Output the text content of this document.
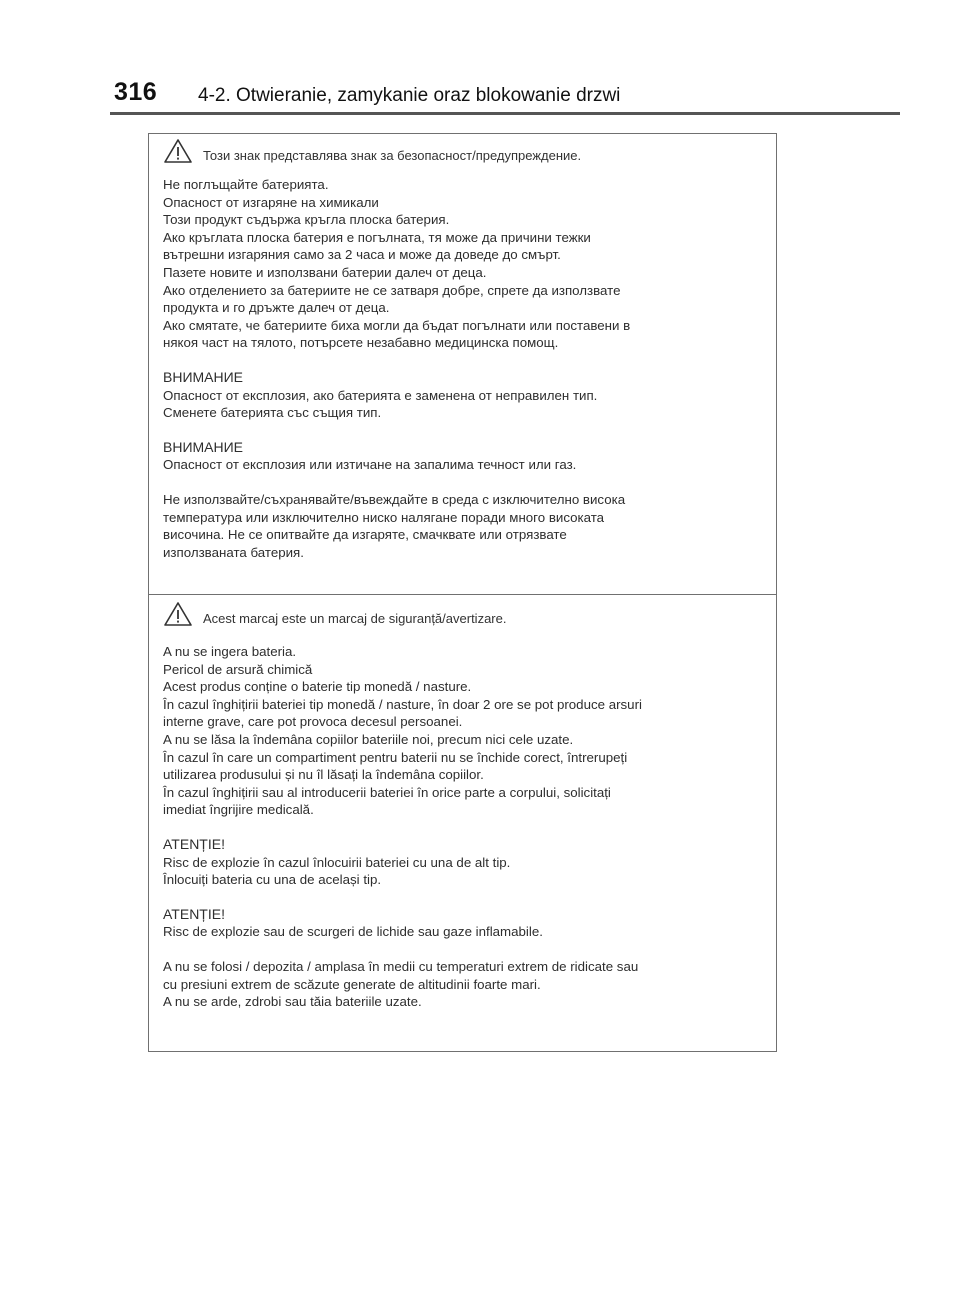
316 4-2. Otwieranie, zamykanie oraz blokowanie drzwi
Този знак представлява знак за безопасност/предупреждение.
Не поглъщайте батерията.
Опасност от изгаряне на химикали
Този продукт съдържа кръгла плоска батерия.
Ако кръглата плоска батерия е погълната, тя може да причини тежки
вътрешни изгаряния само за 2 часа и може да доведе до смърт.
Пазете новите и използвани батерии далеч от деца.
Ако отделението за батериите не се затваря добре, спрете да използвате
продукта и го дръжте далеч от деца.
Ако смятате, че батериите биха могли да бъдат погълнати или поставени в
някоя част на тялото, потърсете незабавно медицинска помощ.
ВНИМАНИЕ
Опасност от експлозия, ако батерията е заменена от неправилен тип.
Сменете батерията със същия тип.
ВНИМАНИЕ
Опасност от експлозия или изтичане на запалима течност или газ.
Не използвайте/съхранявайте/въвеждайте в среда с изключително висока
температура или изключително ниско налягане поради много високата
височина. Не се опитвайте да изгаряте, смачквате или отрязвате
използваната батерия.
Acest marcaj este un marcaj de siguranță/avertizare.
A nu se ingera bateria.
Pericol de arsură chimică
Acest produs conține o baterie tip monedă / nasture.
În cazul înghițirii bateriei tip monedă / nasture, în doar 2 ore se pot produce arsuri
interne grave, care pot provoca decesul persoanei.
A nu se lăsa la îndemâna copiilor bateriile noi, precum nici cele uzate.
În cazul în care un compartiment pentru baterii nu se închide corect, întrerupeți
utilizarea produsului și nu îl lăsați la îndemâna copiilor.
În cazul înghițirii sau al introducerii bateriei în orice parte a corpului, solicitați
imediat îngrijire medicală.
ATENȚIE!
Risc de explozie în cazul înlocuirii bateriei cu una de alt tip.
Înlocuiți bateria cu una de același tip.
ATENȚIE!
Risc de explozie sau de scurgeri de lichide sau gaze inflamabile.
A nu se folosi / depozita / amplasa în medii cu temperaturi extrem de ridicate sau
cu presiuni extrem de scăzute generate de altitudinii foarte mari.
A nu se arde, zdrobi sau tăia bateriile uzate.
